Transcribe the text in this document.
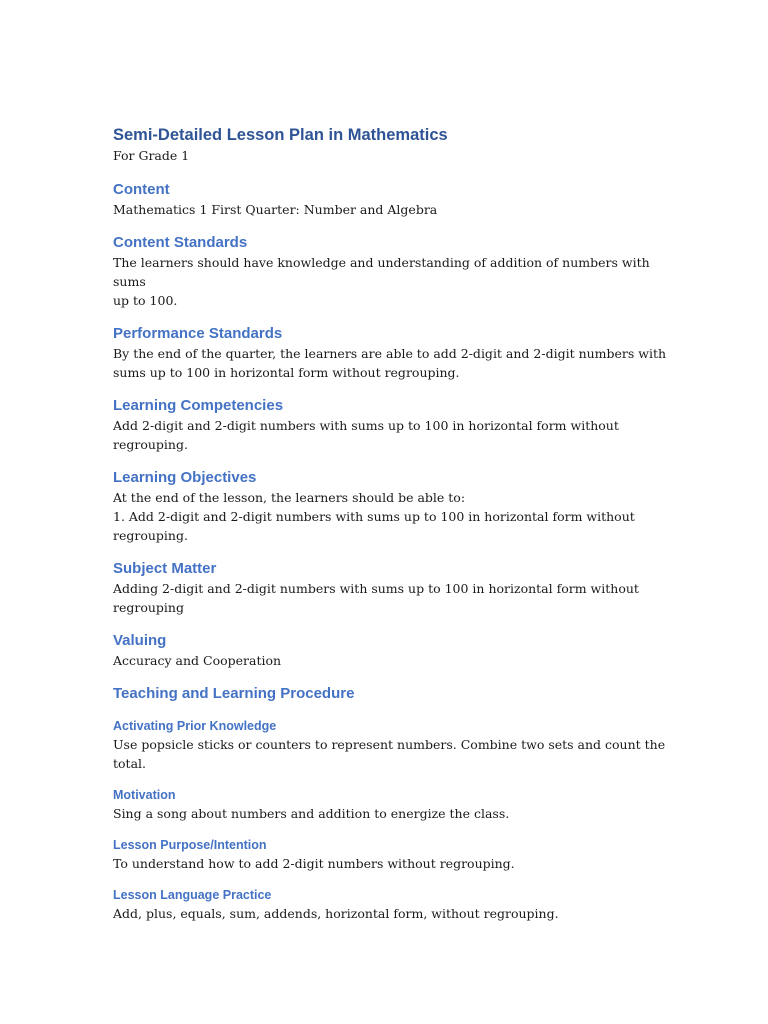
Semi-Detailed Lesson Plan in Mathematics

For Grade 1

Content

Mathematics 1 First Quarter: Number and Algebra

Content Standards

The learners should have knowledge and understanding of addition of numbers with sums

up to 100.

Performance Standards

By the end of the quarter, the learners are able to add 2-digit and 2-digit numbers with

sums up to 100 in horizontal form without regrouping.

Learning Competencies

Add 2-digit and 2-digit numbers with sums up to 100 in horizontal form without

regrouping.

Learning Objectives

At the end of the lesson, the learners should be able to:

1. Add 2-digit and 2-digit numbers with sums up to 100 in horizontal form without

regrouping.

Subject Matter

Adding 2-digit and 2-digit numbers with sums up to 100 in horizontal form without

regrouping

Valuing

Accuracy and Cooperation

Teaching and Learning Procedure
Activating Prior Knowledge

Use popsicle sticks or counters to represent numbers. Combine two sets and count the total.

Motivation

Sing a song about numbers and addition to energize the class.

Lesson Purpose/Intention

To understand how to add 2-digit numbers without regrouping.

Lesson Language Practice

Add, plus, equals, sum, addends, horizontal form, without regrouping.
